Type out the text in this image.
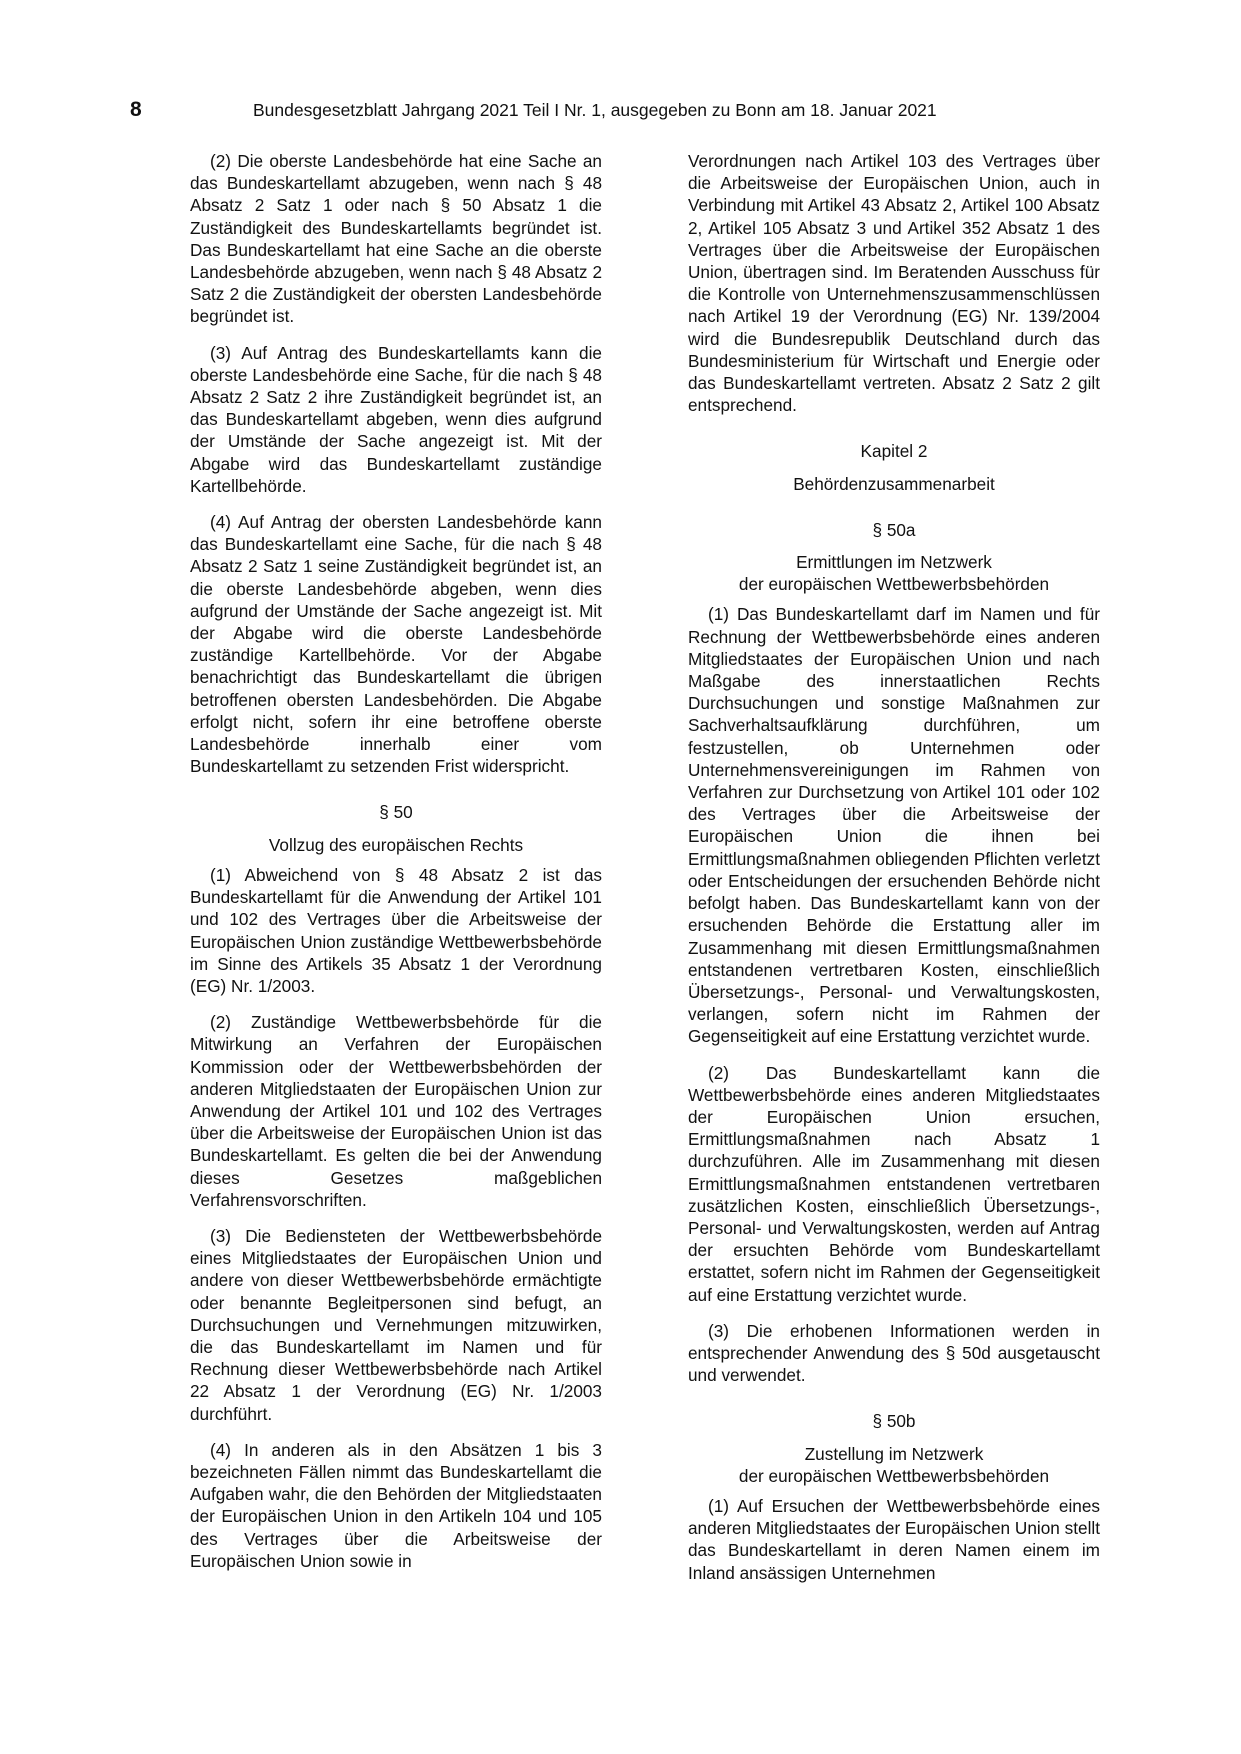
8	Bundesgesetzblatt Jahrgang 2021 Teil I Nr. 1, ausgegeben zu Bonn am 18. Januar 2021

(2) Die oberste Landesbehörde hat eine Sache an das Bundeskartellamt abzugeben, wenn nach § 48 Absatz 2 Satz 1 oder nach § 50 Absatz 1 die Zuständigkeit des Bundeskartellamts begründet ist. Das Bundeskartellamt hat eine Sache an die oberste Landesbehörde abzugeben, wenn nach § 48 Absatz 2 Satz 2 die Zuständigkeit der obersten Landesbehörde begründet ist.

(3) Auf Antrag des Bundeskartellamts kann die oberste Landesbehörde eine Sache, für die nach § 48 Absatz 2 Satz 2 ihre Zuständigkeit begründet ist, an das Bundeskartellamt abgeben, wenn dies aufgrund der Umstände der Sache angezeigt ist. Mit der Abgabe wird das Bundeskartellamt zuständige Kartellbehörde.

(4) Auf Antrag der obersten Landesbehörde kann das Bundeskartellamt eine Sache, für die nach § 48 Absatz 2 Satz 1 seine Zuständigkeit begründet ist, an die oberste Landesbehörde abgeben, wenn dies aufgrund der Umstände der Sache angezeigt ist. Mit der Abgabe wird die oberste Landesbehörde zuständige Kartellbehörde. Vor der Abgabe benachrichtigt das Bundeskartellamt die übrigen betroffenen obersten Landesbehörden. Die Abgabe erfolgt nicht, sofern ihr eine betroffene oberste Landesbehörde innerhalb einer vom Bundeskartellamt zu setzenden Frist widerspricht.

§ 50
Vollzug des europäischen Rechts

(1) Abweichend von § 48 Absatz 2 ist das Bundeskartellamt für die Anwendung der Artikel 101 und 102 des Vertrages über die Arbeitsweise der Europäischen Union zuständige Wettbewerbsbehörde im Sinne des Artikels 35 Absatz 1 der Verordnung (EG) Nr. 1/2003.

(2) Zuständige Wettbewerbsbehörde für die Mitwirkung an Verfahren der Europäischen Kommission oder der Wettbewerbsbehörden der anderen Mitgliedstaaten der Europäischen Union zur Anwendung der Artikel 101 und 102 des Vertrages über die Arbeitsweise der Europäischen Union ist das Bundeskartellamt. Es gelten die bei der Anwendung dieses Gesetzes maßgeblichen Verfahrensvorschriften.

(3) Die Bediensteten der Wettbewerbsbehörde eines Mitgliedstaates der Europäischen Union und andere von dieser Wettbewerbsbehörde ermächtigte oder benannte Begleitpersonen sind befugt, an Durchsuchungen und Vernehmungen mitzuwirken, die das Bundeskartellamt im Namen und für Rechnung dieser Wettbewerbsbehörde nach Artikel 22 Absatz 1 der Verordnung (EG) Nr. 1/2003 durchführt.

(4) In anderen als in den Absätzen 1 bis 3 bezeichneten Fällen nimmt das Bundeskartellamt die Aufgaben wahr, die den Behörden der Mitgliedstaaten der Europäischen Union in den Artikeln 104 und 105 des Vertrages über die Arbeitsweise der Europäischen Union sowie in

Verordnungen nach Artikel 103 des Vertrages über die Arbeitsweise der Europäischen Union, auch in Verbindung mit Artikel 43 Absatz 2, Artikel 100 Absatz 2, Artikel 105 Absatz 3 und Artikel 352 Absatz 1 des Vertrages über die Arbeitsweise der Europäischen Union, übertragen sind. Im Beratenden Ausschuss für die Kontrolle von Unternehmenszusammenschlüssen nach Artikel 19 der Verordnung (EG) Nr. 139/2004 wird die Bundesrepublik Deutschland durch das Bundesministerium für Wirtschaft und Energie oder das Bundeskartellamt vertreten. Absatz 2 Satz 2 gilt entsprechend.

Kapitel 2
Behördenzusammenarbeit
§ 50a
Ermittlungen im Netzwerk
der europäischen Wettbewerbsbehörden

(1) Das Bundeskartellamt darf im Namen und für Rechnung der Wettbewerbsbehörde eines anderen Mitgliedstaates der Europäischen Union und nach Maßgabe des innerstaatlichen Rechts Durchsuchungen und sonstige Maßnahmen zur Sachverhaltsaufklärung durchführen, um festzustellen, ob Unternehmen oder Unternehmensvereinigungen im Rahmen von Verfahren zur Durchsetzung von Artikel 101 oder 102 des Vertrages über die Arbeitsweise der Europäischen Union die ihnen bei Ermittlungsmaßnahmen obliegenden Pflichten verletzt oder Entscheidungen der ersuchenden Behörde nicht befolgt haben. Das Bundeskartellamt kann von der ersuchenden Behörde die Erstattung aller im Zusammenhang mit diesen Ermittlungsmaßnahmen entstandenen vertretbaren Kosten, einschließlich Übersetzungs-, Personal- und Verwaltungskosten, verlangen, sofern nicht im Rahmen der Gegenseitigkeit auf eine Erstattung verzichtet wurde.

(2) Das Bundeskartellamt kann die Wettbewerbsbehörde eines anderen Mitgliedstaates der Europäischen Union ersuchen, Ermittlungsmaßnahmen nach Absatz 1 durchzuführen. Alle im Zusammenhang mit diesen Ermittlungsmaßnahmen entstandenen vertretbaren zusätzlichen Kosten, einschließlich Übersetzungs-, Personal- und Verwaltungskosten, werden auf Antrag der ersuchten Behörde vom Bundeskartellamt erstattet, sofern nicht im Rahmen der Gegenseitigkeit auf eine Erstattung verzichtet wurde.

(3) Die erhobenen Informationen werden in entsprechender Anwendung des § 50d ausgetauscht und verwendet.

§ 50b
Zustellung im Netzwerk
der europäischen Wettbewerbsbehörden

(1) Auf Ersuchen der Wettbewerbsbehörde eines anderen Mitgliedstaates der Europäischen Union stellt das Bundeskartellamt in deren Namen einem im Inland ansässigen Unternehmen
